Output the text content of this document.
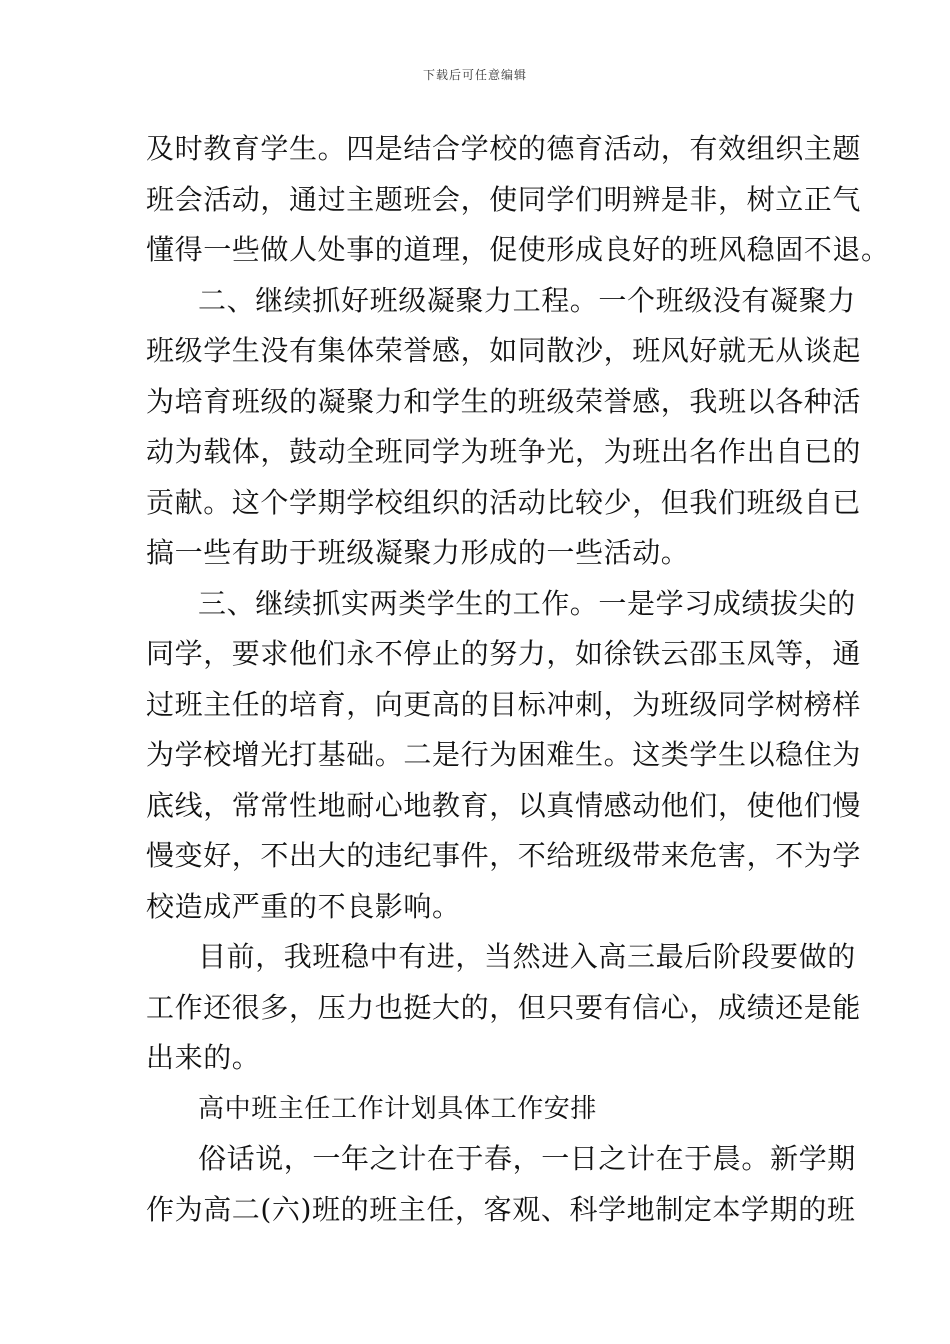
下载后可任意编辑
及时教育学生。四是结合学校的德育活动，有效组织主题
班会活动，通过主题班会，使同学们明辨是非，树立正气
懂得一些做人处事的道理，促使形成良好的班风稳固不退。
二、继续抓好班级凝聚力工程。一个班级没有凝聚力
班级学生没有集体荣誉感，如同散沙，班风好就无从谈起
为培育班级的凝聚力和学生的班级荣誉感，我班以各种活
动为载体，鼓动全班同学为班争光，为班出名作出自已的
贡献。这个学期学校组织的活动比较少，但我们班级自已
搞一些有助于班级凝聚力形成的一些活动。
三、继续抓实两类学生的工作。一是学习成绩拔尖的
同学，要求他们永不停止的努力，如徐铁云邵玉凤等，通
过班主任的培育，向更高的目标冲刺，为班级同学树榜样
为学校增光打基础。二是行为困难生。这类学生以稳住为
底线，常常性地耐心地教育，以真情感动他们，使他们慢
慢变好，不出大的违纪事件，不给班级带来危害，不为学
校造成严重的不良影响。
目前，我班稳中有进，当然进入高三最后阶段要做的
工作还很多，压力也挺大的，但只要有信心，成绩还是能
出来的。
高中班主任工作计划具体工作安排
俗话说，一年之计在于春，一日之计在于晨。新学期
作为高二(六)班的班主任，客观、科学地制定本学期的班
